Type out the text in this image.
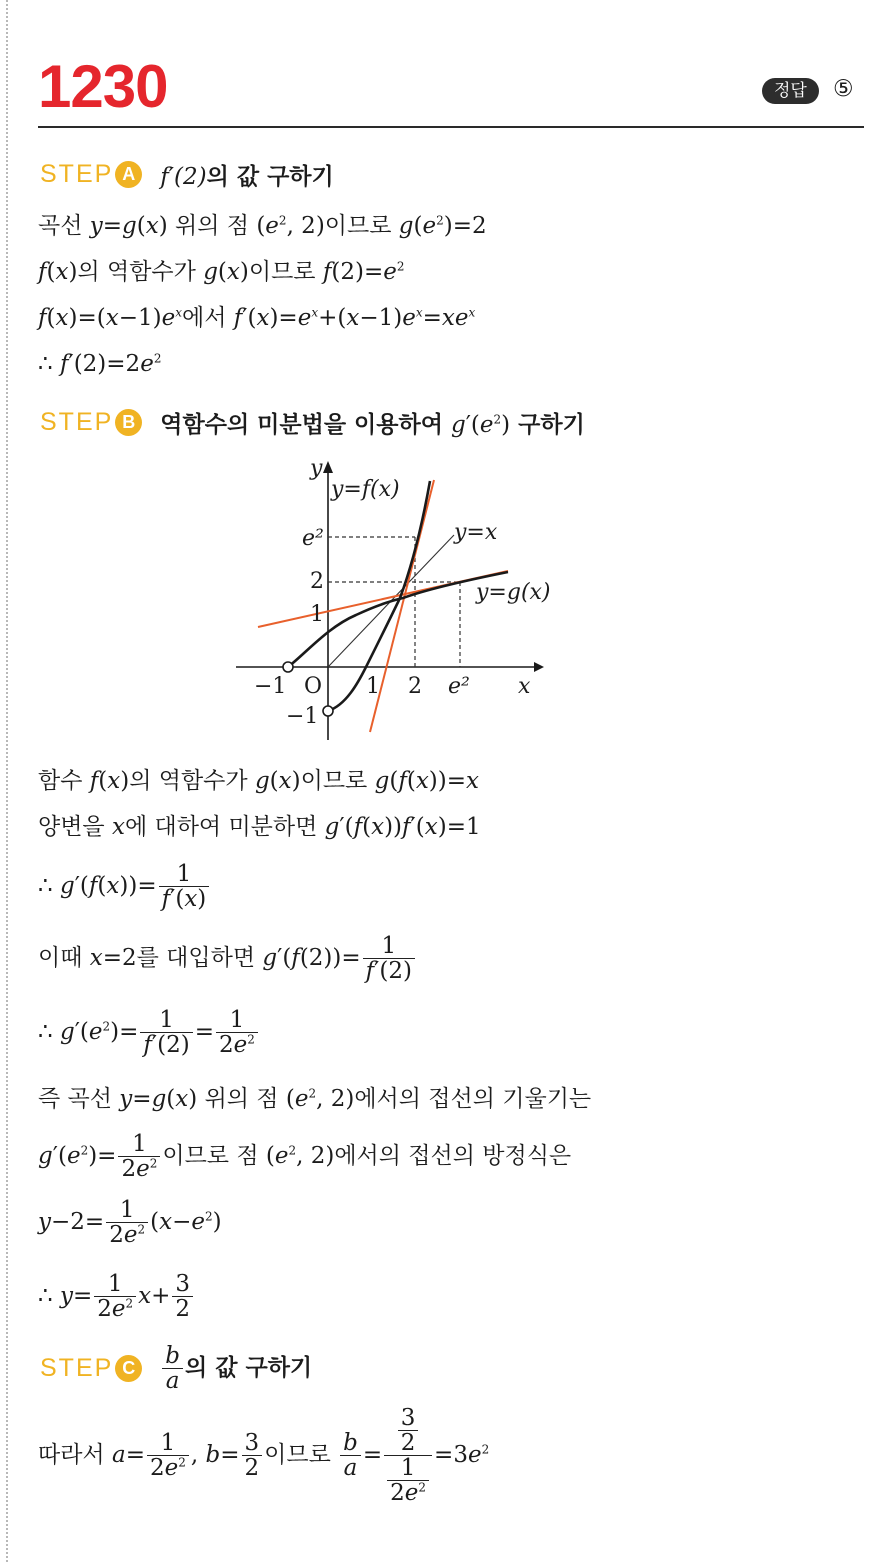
1230	정답	⑤
STEP A	f′(2)의 값 구하기
곡선 y=g(x) 위의 점 ($e^2$, 2)이므로 $g(e^2)=2$
f(x)의 역함수가 g(x)이므로 $f(2)=e^2$
$f(x)=(x-1)e^x$에서 $f'(x)=e^x+(x-1)e^x=xe^x$
∴ $f'(2)=2e^2$
STEP B	역함수의 미분법을 이용하여 $g'(e^2)$ 구하기
y
x
O
y=f(x)
y=g(x)
y=x
e²
2
1
−1
−1	1 2 e²
함수 f(x)의 역함수가 g(x)이므로 g(f(x))=x
양변을 x에 대하여 미분하면 g′(f(x))f′(x)=1
∴ $g'(f(x))= \frac{1}{f'(x)}$
이때 x=2를 대입하면 $g'(f(2))= \frac{1}{f'(2)}$
∴ $g'(e^2)= \frac{1}{f'(2)} = \frac{1}{2e^2}$
즉 곡선 y=g(x) 위의 점 ($e^2$, 2)에서의 접선의 기울기는
$g'(e^2)= \frac{1}{2e^2}$ 이므로 점 ($e^2$, 2)에서의 접선의 방정식은
$y-2= \frac{1}{2e^2} (x-e^2)$
∴ $y= \frac{1}{2e^2} x+ \frac{3}{2}$
STEP C	$\frac{b}{a}$ 의 값 구하기
따라서 $a= \frac{1}{2e^2}$ , $b= \frac{3}{2}$ 이므로 $\frac{b}{a} = \frac{\frac{3}{2}}{\frac{1}{2e^2}} =3e^2$
